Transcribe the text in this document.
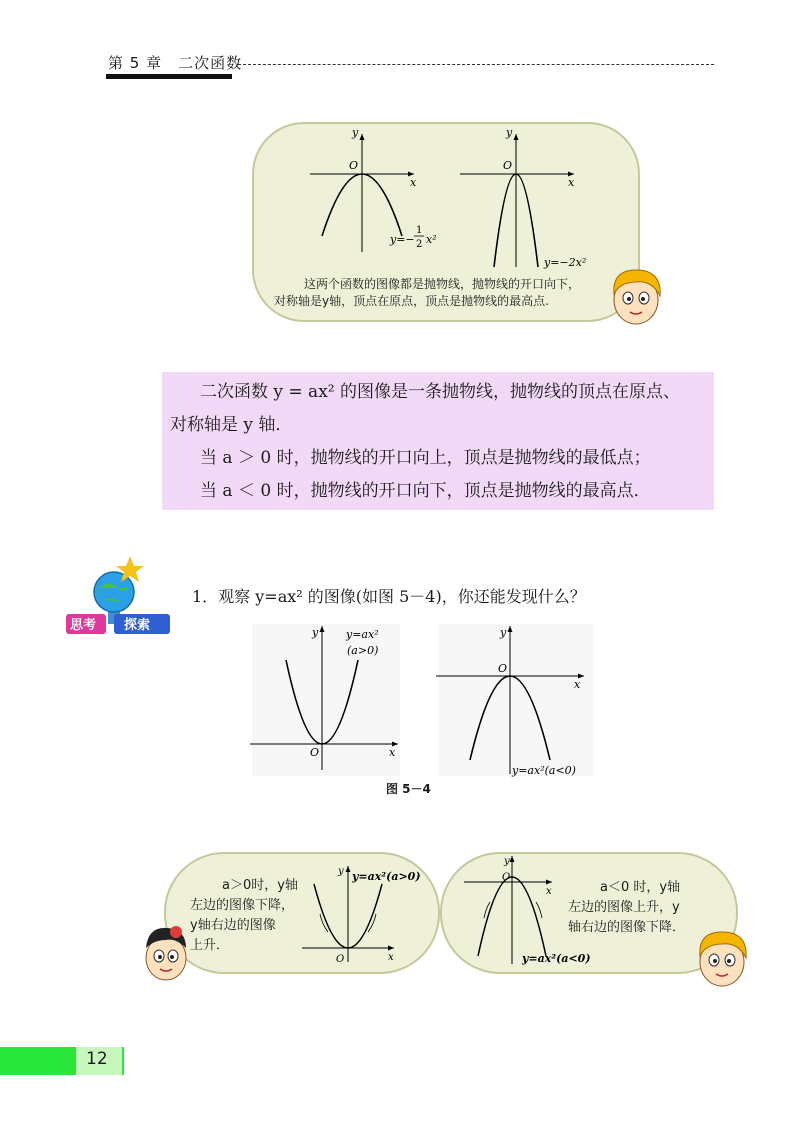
第 5 章　二次函数
y
x
O
y=−
1
2 x²
y
x
O
y=−2x²
这两个函数的图像都是抛物线，抛物线的开口向下，
对称轴是y轴，顶点在原点，顶点是抛物线的最高点.
二次函数 y = ax² 的图像是一条抛物线，抛物线的顶点在原点、
对称轴是 y 轴．
当 a ＞ 0 时，抛物线的开口向上，顶点是抛物线的最低点；
当 a ＜ 0 时，抛物线的开口向下，顶点是抛物线的最高点．
思考 探索
1．观察 y=ax² 的图像(如图 5－4)，你还能发现什么？
y
x
O
y=ax²
(a>0)
y
x
O
y=ax²(a<0)
图 5－4
a＞0时，y轴
左边的图像下降，
y轴右边的图像
上升．
y
x
O
y=ax²(a>0)
y
x
O
y=ax²(a<0)
a＜0 时，y轴
左边的图像上升，y
轴右边的图像下降．
12
